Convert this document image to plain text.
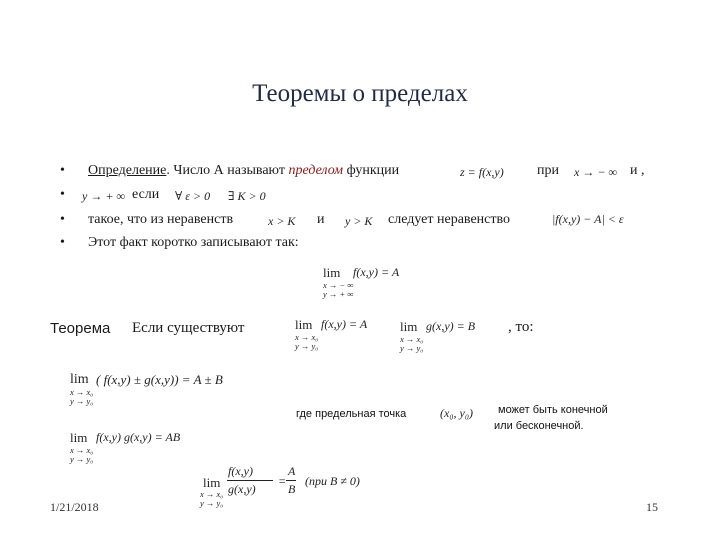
Теоремы о пределах
• Определение. Число А называют пределом функции	z = f(x,y) при x → − ∞ и ,
• y → + ∞ если ∀ ε > 0 ∃ K > 0
• такое, что из неравенств	x > K и y > K следует неравенство	|f(x,y) − A| < ε
• Этот факт коротко записывают так:
lim f(x,y) = A
x → − ∞
y → + ∞
Теорема Если существуют	lim f(x,y) = A
x → x₀
y → y₀
lim g(x,y) = B
x → x₀
y → y₀
, то:
lim ( f(x,y) ± g(x,y)) = A ± B
x → x₀
y → y₀
где предельная точка	(x₀, y₀) может быть конечной
или бесконечной.
lim f(x,y) g(x,y) = AB
x → x₀
y → y₀
lim
x → x₀
y → y₀
f(x,y)
g(x,y)
=
A
B
(при B ≠ 0)
1/21/2018	15
